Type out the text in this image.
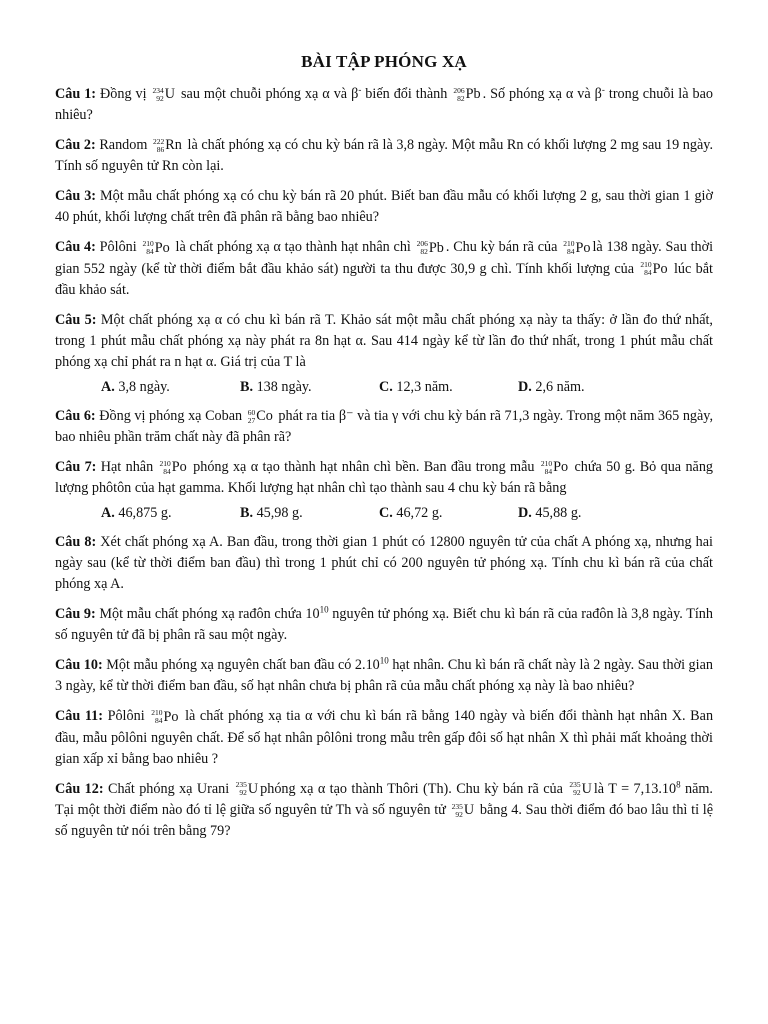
BÀI TẬP PHÓNG XẠ

Câu 1: Đồng vị 234
92 U sau một chuỗi phóng xạ α và β- biến đổi thành 206
82 Pb . Số phóng xạ α và β- trong chuỗi là bao nhiêu?

Câu 2: Random 222
86 Rn là chất phóng xạ có chu kỳ bán rã là 3,8 ngày. Một mẫu Rn có khối lượng 2 mg sau 19 ngày. Tính số nguyên tử Rn còn lại.

Câu 3: Một mẫu chất phóng xạ có chu kỳ bán rã 20 phút. Biết ban đầu mẫu có khối lượng 2 g, sau thời gian 1 giờ 40 phút, khối lượng chất trên đã phân rã bằng bao nhiêu?

Câu 4: Pôlôni 210
84 Po là chất phóng xạ α tạo thành hạt nhân chì 206
82 Pb . Chu kỳ bán rã của 210
84 Po là 138 ngày. Sau thời gian 552 ngày (kể từ thời điểm bắt đầu khảo sát) người ta thu được 30,9 g chì. Tính khối lượng của 210
84 Po lúc bắt đầu khảo sát.

Câu 5: Một chất phóng xạ α có chu kì bán rã T. Khảo sát một mẫu chất phóng xạ này ta thấy: ở lần đo thứ nhất, trong 1 phút mẫu chất phóng xạ này phát ra 8n hạt α. Sau 414 ngày kể từ lần đo thứ nhất, trong 1 phút mẫu chất phóng xạ chỉ phát ra n hạt α. Giá trị của T là

A. 3,8 ngày.	B. 138 ngày.	C. 12,3 năm.	D. 2,6 năm.

Câu 6: Đồng vị phóng xạ Coban 60
27 Co phát ra tia β⁻ và tia γ với chu kỳ bán rã 71,3 ngày. Trong một năm 365 ngày, bao nhiêu phần trăm chất này đã phân rã?

Câu 7: Hạt nhân 210
84 Po phóng xạ α tạo thành hạt nhân chì bền. Ban đầu trong mẫu 210
84 Po chứa 50 g. Bỏ qua năng lượng phôtôn của hạt gamma. Khối lượng hạt nhân chì tạo thành sau 4 chu kỳ bán rã bằng

A. 46,875 g.	B. 45,98 g.	C. 46,72 g.	D. 45,88 g.

Câu 8: Xét chất phóng xạ A. Ban đầu, trong thời gian 1 phút có 12800 nguyên tử của chất A phóng xạ, nhưng hai ngày sau (kể từ thời điểm ban đầu) thì trong 1 phút chỉ có 200 nguyên tử phóng xạ. Tính chu kì bán rã của chất phóng xạ A.

Câu 9: Một mẫu chất phóng xạ rađôn chứa $10^{10}$ nguyên tử phóng xạ. Biết chu kì bán rã của rađôn là 3,8 ngày. Tính số nguyên tử đã bị phân rã sau một ngày.

Câu 10: Một mẫu phóng xạ nguyên chất ban đầu có 2.10$^{10}$ hạt nhân. Chu kì bán rã chất này là 2 ngày. Sau thời gian 3 ngày, kể từ thời điểm ban đầu, số hạt nhân chưa bị phân rã của mẫu chất phóng xạ này là bao nhiêu?

Câu 11: Pôlôni 210
84 Po là chất phóng xạ tia α với chu kì bán rã bằng 140 ngày và biến đổi thành hạt nhân X. Ban đầu, mẫu pôlôni nguyên chất. Để số hạt nhân pôlôni trong mẫu trên gấp đôi số hạt nhân X thì phải mất khoảng thời gian xấp xỉ bằng bao nhiêu ?

Câu 12: Chất phóng xạ Urani 235
92 U phóng xạ α tạo thành Thôri (Th). Chu kỳ bán rã của 235
92 U là $T = 7,13.10^8$ năm. Tại một thời điểm nào đó tỉ lệ giữa số nguyên tử Th và số nguyên tử 235
92 U bằng 4. Sau thời điểm đó bao lâu thì tỉ lệ số nguyên tử nói trên bằng 79?
